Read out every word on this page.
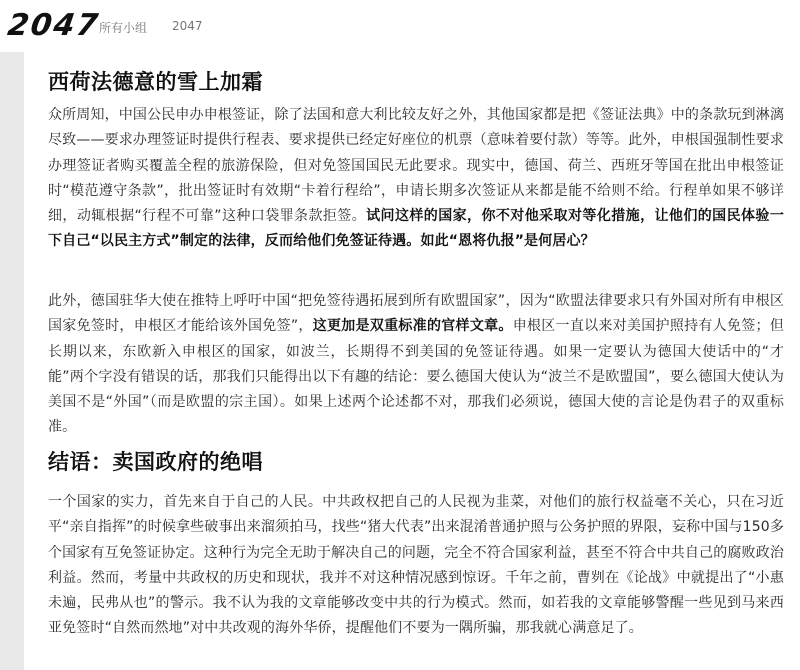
2047
所有小组 2047
西荷法德意的雪上加霜

众所周知，中国公民申办申根签证，除了法国和意大利比较友好之外，其他国家都是把《签证法典》中的条款玩到淋漓尽致——要求办理签证时提供行程表、要求提供已经定好座位的机票（意味着要付款）等等。此外，申根国强制性要求办理签证者购买覆盖全程的旅游保险，但对免签国国民无此要求。现实中，德国、荷兰、西班牙等国在批出申根签证时“模范遵守条款”，批出签证时有效期“卡着行程给”，申请长期多次签证从来都是能不给则不给。行程单如果不够详细，动辄根据“行程不可靠”这种口袋罪条款拒签。试问这样的国家，你不对他采取对等化措施，让他们的国民体验一下自己“以民主方式”制定的法律，反而给他们免签证待遇。如此“恩将仇报”是何居心？

此外，德国驻华大使在推特上呼吁中国“把免签待遇拓展到所有欧盟国家”，因为“欧盟法律要求只有外国对所有申根区国家免签时，申根区才能给该外国免签”，这更加是双重标准的官样文章。申根区一直以来对美国护照持有人免签；但长期以来，东欧新入申根区的国家，如波兰，长期得不到美国的免签证待遇。如果一定要认为德国大使话中的“才能”两个字没有错误的话，那我们只能得出以下有趣的结论：要么德国大使认为“波兰不是欧盟国”，要么德国大使认为美国不是“外国”（而是欧盟的宗主国）。如果上述两个论述都不对，那我们必须说，德国大使的言论是伪君子的双重标准。

结语：卖国政府的绝唱

一个国家的实力，首先来自于自己的人民。中共政权把自己的人民视为韭菜，对他们的旅行权益毫不关心，只在习近平“亲自指挥”的时候拿些破事出来溜须拍马，找些“猪大代表”出来混淆普通护照与公务护照的界限，妄称中国与150多个国家有互免签证协定。这种行为完全无助于解决自己的问题，完全不符合国家利益，甚至不符合中共自己的腐败政治利益。然而，考量中共政权的历史和现状，我并不对这种情况感到惊讶。千年之前，曹刿在《论战》中就提出了“小惠未遍，民弗从也”的警示。我不认为我的文章能够改变中共的行为模式。然而，如若我的文章能够警醒一些见到马来西亚免签时“自然而然地”对中共改观的海外华侨，提醒他们不要为一隅所骗，那我就心满意足了。
